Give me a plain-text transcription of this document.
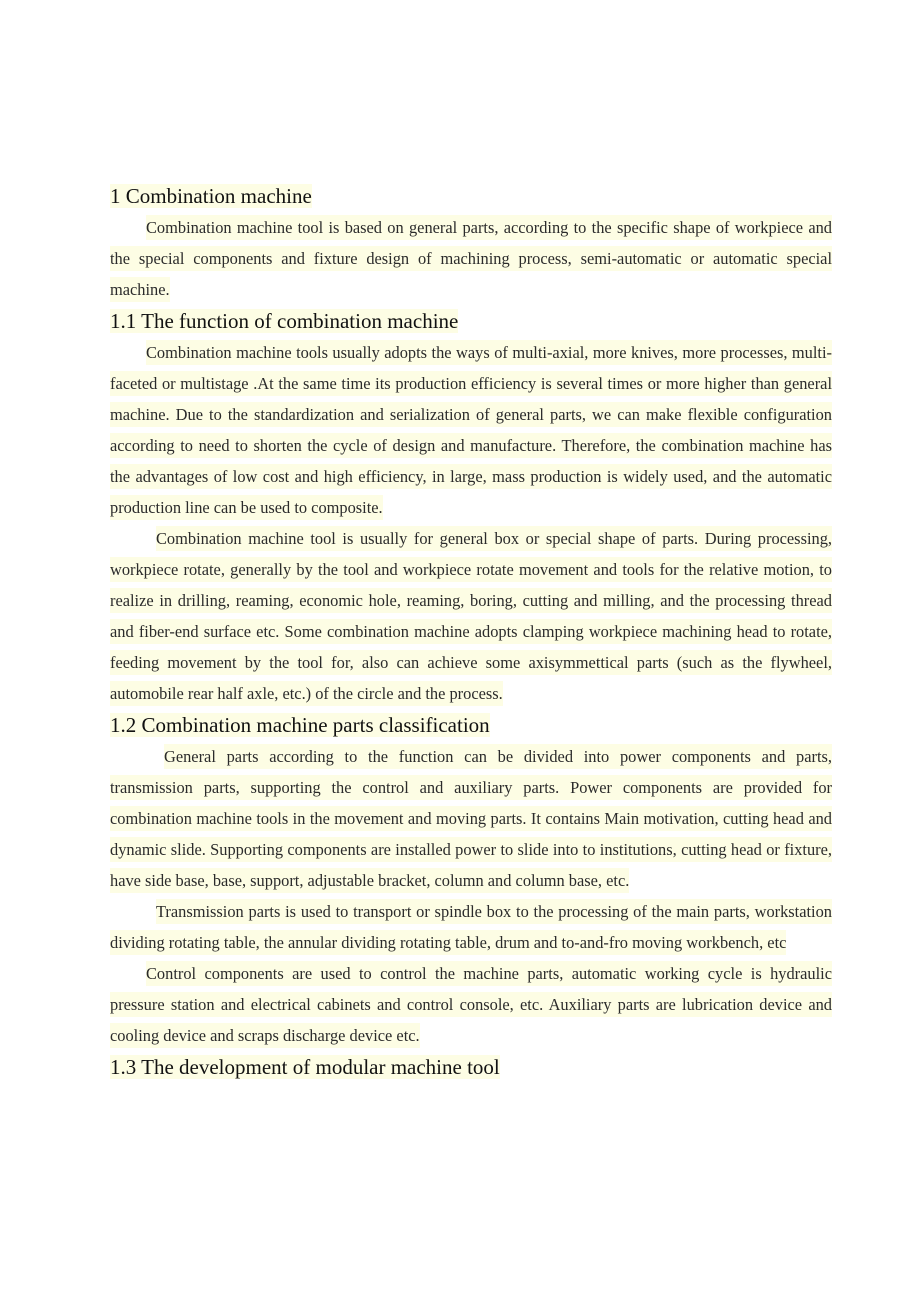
1 Combination machine

Combination machine tool is based on general parts, according to the specific shape of workpiece and the special components and fixture design of machining process, semi-automatic or automatic special machine.

1.1 The function of combination machine

Combination machine tools usually adopts the ways of multi-axial, more knives, more processes, multi-faceted or multistage .At the same time its production efficiency is several times or more higher than general machine. Due to the standardization and serialization of general parts, we can make flexible configuration according to need to shorten the cycle of design and manufacture. Therefore, the combination machine has the advantages of low cost and high efficiency, in large, mass production is widely used, and the automatic production line can be used to composite.

Combination machine tool is usually for general box or special shape of parts. During processing, workpiece rotate, generally by the tool and workpiece rotate movement and tools for the relative motion, to realize in drilling, reaming, economic hole, reaming, boring, cutting and milling, and the processing thread and fiber-end surface etc. Some combination machine adopts clamping workpiece machining head to rotate, feeding movement by the tool for, also can achieve some axisymmettical parts (such as the flywheel, automobile rear half axle, etc.) of the circle and the process.

1.2 Combination machine parts classification

General parts according to the function can be divided into power components and parts, transmission parts, supporting the control and auxiliary parts. Power components are provided for combination machine tools in the movement and moving parts. It contains Main motivation, cutting head and dynamic slide. Supporting components are installed power to slide into to institutions, cutting head or fixture, have side base, base, support, adjustable bracket, column and column base, etc.

Transmission parts is used to transport or spindle box to the processing of the main parts, workstation dividing rotating table, the annular dividing rotating table, drum and to-and-fro moving workbench, etc

Control components are used to control the machine parts, automatic working cycle is hydraulic pressure station and electrical cabinets and control console, etc. Auxiliary parts are lubrication device and cooling device and scraps discharge device etc.

1.3 The development of modular machine tool
